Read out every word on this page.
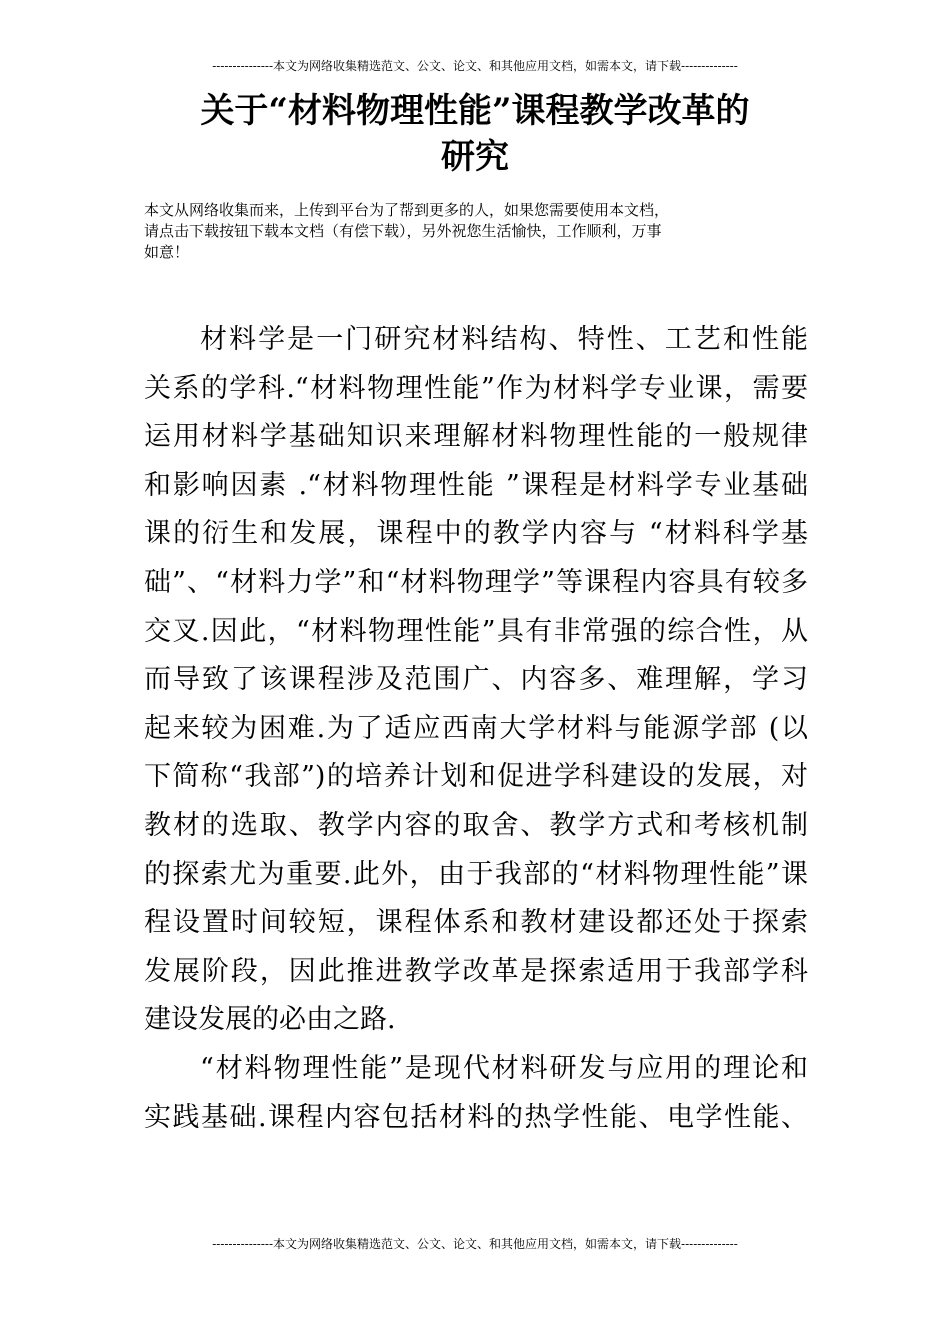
---------------本文为网络收集精选范文、公文、论文、和其他应用文档，如需本文，请下载--------------
关于“材料物理性能”课程教学改革的
研究
本文从网络收集而来，上传到平台为了帮到更多的人，如果您需要使用本文档，
请点击下载按钮下载本文档（有偿下载），另外祝您生活愉快，工作顺利，万事
如意！
材料学是一门研究材料结构、特性、工艺和性能
关系的学科.“材料物理性能”作为材料学专业课，需要
运用材料学基础知识来理解材料物理性能的一般规律
和影响因素 .“材料物理性能 ”课程是材料学专业基础
课的衍生和发展，课程中的教学内容与 “材料科学基
础”、“材料力学”和“材料物理学”等课程内容具有较多
交叉.因此，“材料物理性能”具有非常强的综合性，从
而导致了该课程涉及范围广、内容多、难理解，学习
起来较为困难.为了适应西南大学材料与能源学部 (以
下简称“我部”)的培养计划和促进学科建设的发展，对
教材的选取、教学内容的取舍、教学方式和考核机制
的探索尤为重要.此外，由于我部的“材料物理性能”课
程设置时间较短，课程体系和教材建设都还处于探索
发展阶段，因此推进教学改革是探索适用于我部学科
建设发展的必由之路.
“材料物理性能”是现代材料研发与应用的理论和
实践基础.课程内容包括材料的热学性能、电学性能、
---------------本文为网络收集精选范文、公文、论文、和其他应用文档，如需本文，请下载--------------
